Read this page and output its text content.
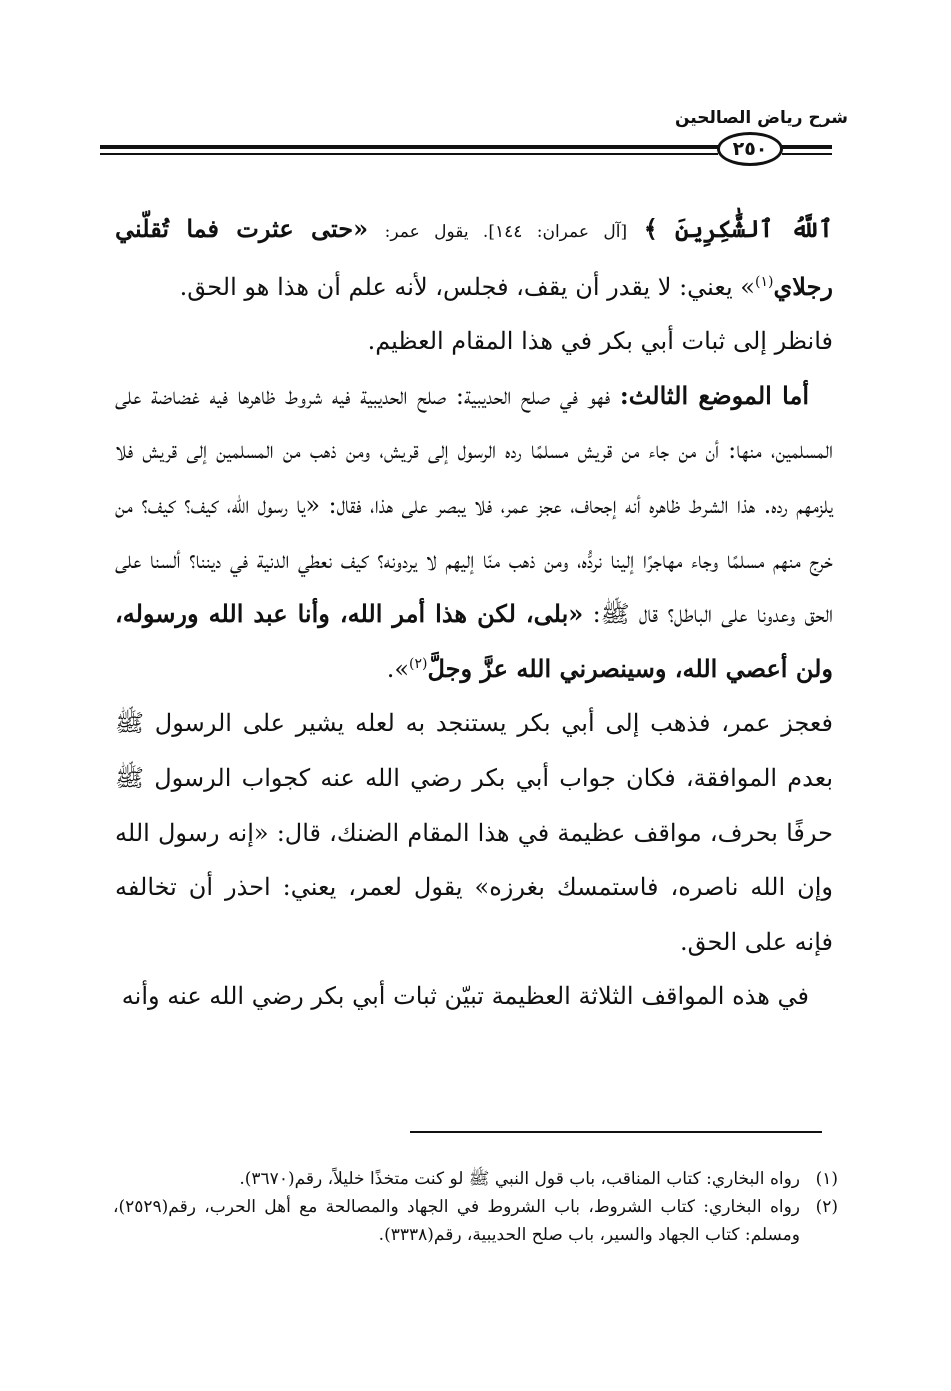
شرح رياض الصالحين
٢٥٠

ٱللَّهُ ٱلشَّٰكِرِينَ ﴾ [آل عمران: ١٤٤]. يقول عمر: «حتى عثرت فما تُقلّني رجلاي$^{(١)}$» يعني: لا يقدر أن يقف، فجلس، لأنه علم أن هذا هو الحق.

فانظر إلى ثبات أبي بكر في هذا المقام العظيم.

أما الموضع الثالث: فهو في صلح الحديبية: صلح الحديبية فيه شروط ظاهرها فيه غضاضة على المسلمين، منها: أن من جاء من قريش مسلمًا رده الرسول إلى قريش، ومن ذهب من المسلمين إلى قريش فلا يلزمهم رده. هذا الشرط ظاهره أنه إجحاف، عجز عمر، فلا يبصر على هذا، فقال: «يا رسول الله، كيف؟ كيف؟ من خرج منهم مسلمًا وجاء مهاجرًا إلينا نردُّه، ومن ذهب منّا إليهم لا يردونه؟ كيف نعطي الدنية في ديننا؟ ألسنا على الحق وعدونا على الباطل؟ قال ﷺ: «بلى، لكن هذا أمر الله، وأنا عبد الله ورسوله، ولن أعصي الله، وسينصرني الله عزَّ وجلَّ$^{(٢)}$».

فعجز عمر، فذهب إلى أبي بكر يستنجد به لعله يشير على الرسول ﷺ بعدم الموافقة، فكان جواب أبي بكر رضي الله عنه كجواب الرسول ﷺ حرفًا بحرف، مواقف عظيمة في هذا المقام الضنك، قال: «إنه رسول الله وإن الله ناصره، فاستمسك بغرزه» يقول لعمر، يعني: احذر أن تخالفه فإنه على الحق.

في هذه المواقف الثلاثة العظيمة تبيّن ثبات أبي بكر رضي الله عنه وأنه

(١)
رواه البخاري: كتاب المناقب، باب قول النبي ﷺ لو كنت متخذًا خليلاً، رقم(٣٦٧٠).
(٢)
رواه البخاري: كتاب الشروط، باب الشروط في الجهاد والمصالحة مع أهل الحرب، رقم(٢٥٢٩)، ومسلم: كتاب الجهاد والسير، باب صلح الحديبية، رقم(٣٣٣٨).
